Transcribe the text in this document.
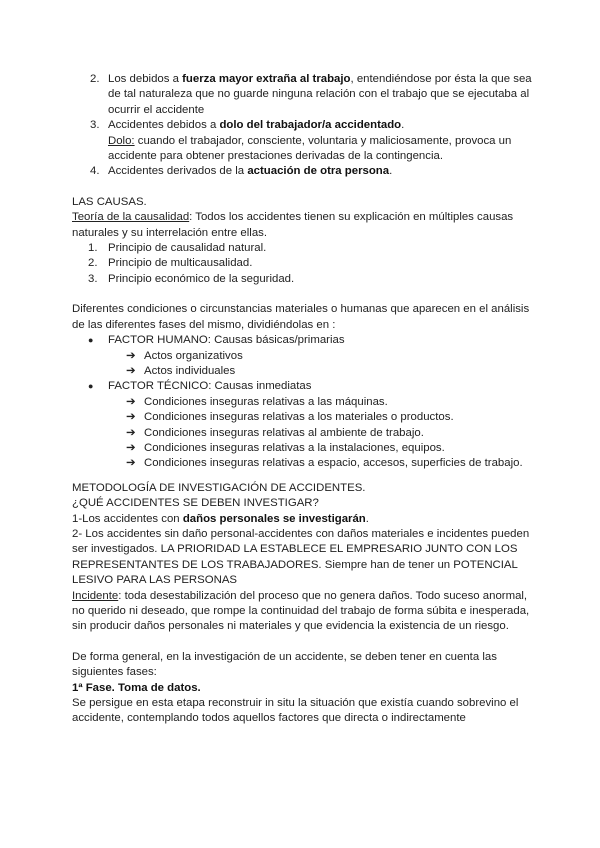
2. Los debidos a fuerza mayor extraña al trabajo, entendiéndose por ésta la que sea de tal naturaleza que no guarde ninguna relación con el trabajo que se ejecutaba al ocurrir el accidente
3. Accidentes debidos a dolo del trabajador/a accidentado.
Dolo: cuando el trabajador, consciente, voluntaria y maliciosamente, provoca un accidente para obtener prestaciones derivadas de la contingencia.
4. Accidentes derivados de la actuación de otra persona.

LAS CAUSAS.

Teoría de la causalidad: Todos los accidentes tienen su explicación en múltiples causas naturales y su interrelación entre ellas.

1. Principio de causalidad natural.
2. Principio de multicausalidad.
3. Principio económico de la seguridad.

Diferentes condiciones o circunstancias materiales o humanas que aparecen en el análisis de las diferentes fases del mismo, dividiéndolas en :

● FACTOR HUMANO: Causas básicas/primarias
➔ Actos organizativos
➔ Actos individuales
● FACTOR TÉCNICO: Causas inmediatas
➔ Condiciones inseguras relativas a las máquinas.
➔ Condiciones inseguras relativas a los materiales o productos.
➔ Condiciones inseguras relativas al ambiente de trabajo.
➔ Condiciones inseguras relativas a la instalaciones, equipos.
➔ Condiciones inseguras relativas a espacio, accesos, superficies de trabajo.

METODOLOGÍA DE INVESTIGACIÓN DE ACCIDENTES.

¿QUÉ ACCIDENTES SE DEBEN INVESTIGAR?

1-Los accidentes con daños personales se investigarán.

2- Los accidentes sin daño personal-accidentes con daños materiales e incidentes pueden ser investigados. LA PRIORIDAD LA ESTABLECE EL EMPRESARIO JUNTO CON LOS REPRESENTANTES DE LOS TRABAJADORES. Siempre han de tener un POTENCIAL LESIVO PARA LAS PERSONAS

Incidente: toda desestabilización del proceso que no genera daños. Todo suceso anormal, no querido ni deseado, que rompe la continuidad del trabajo de forma súbita e inesperada, sin producir daños personales ni materiales y que evidencia la existencia de un riesgo.

De forma general, en la investigación de un accidente, se deben tener en cuenta las siguientes fases:

1ª Fase. Toma de datos.

Se persigue en esta etapa reconstruir in situ la situación que existía cuando sobrevino el accidente, contemplando todos aquellos factores que directa o indirectamente
